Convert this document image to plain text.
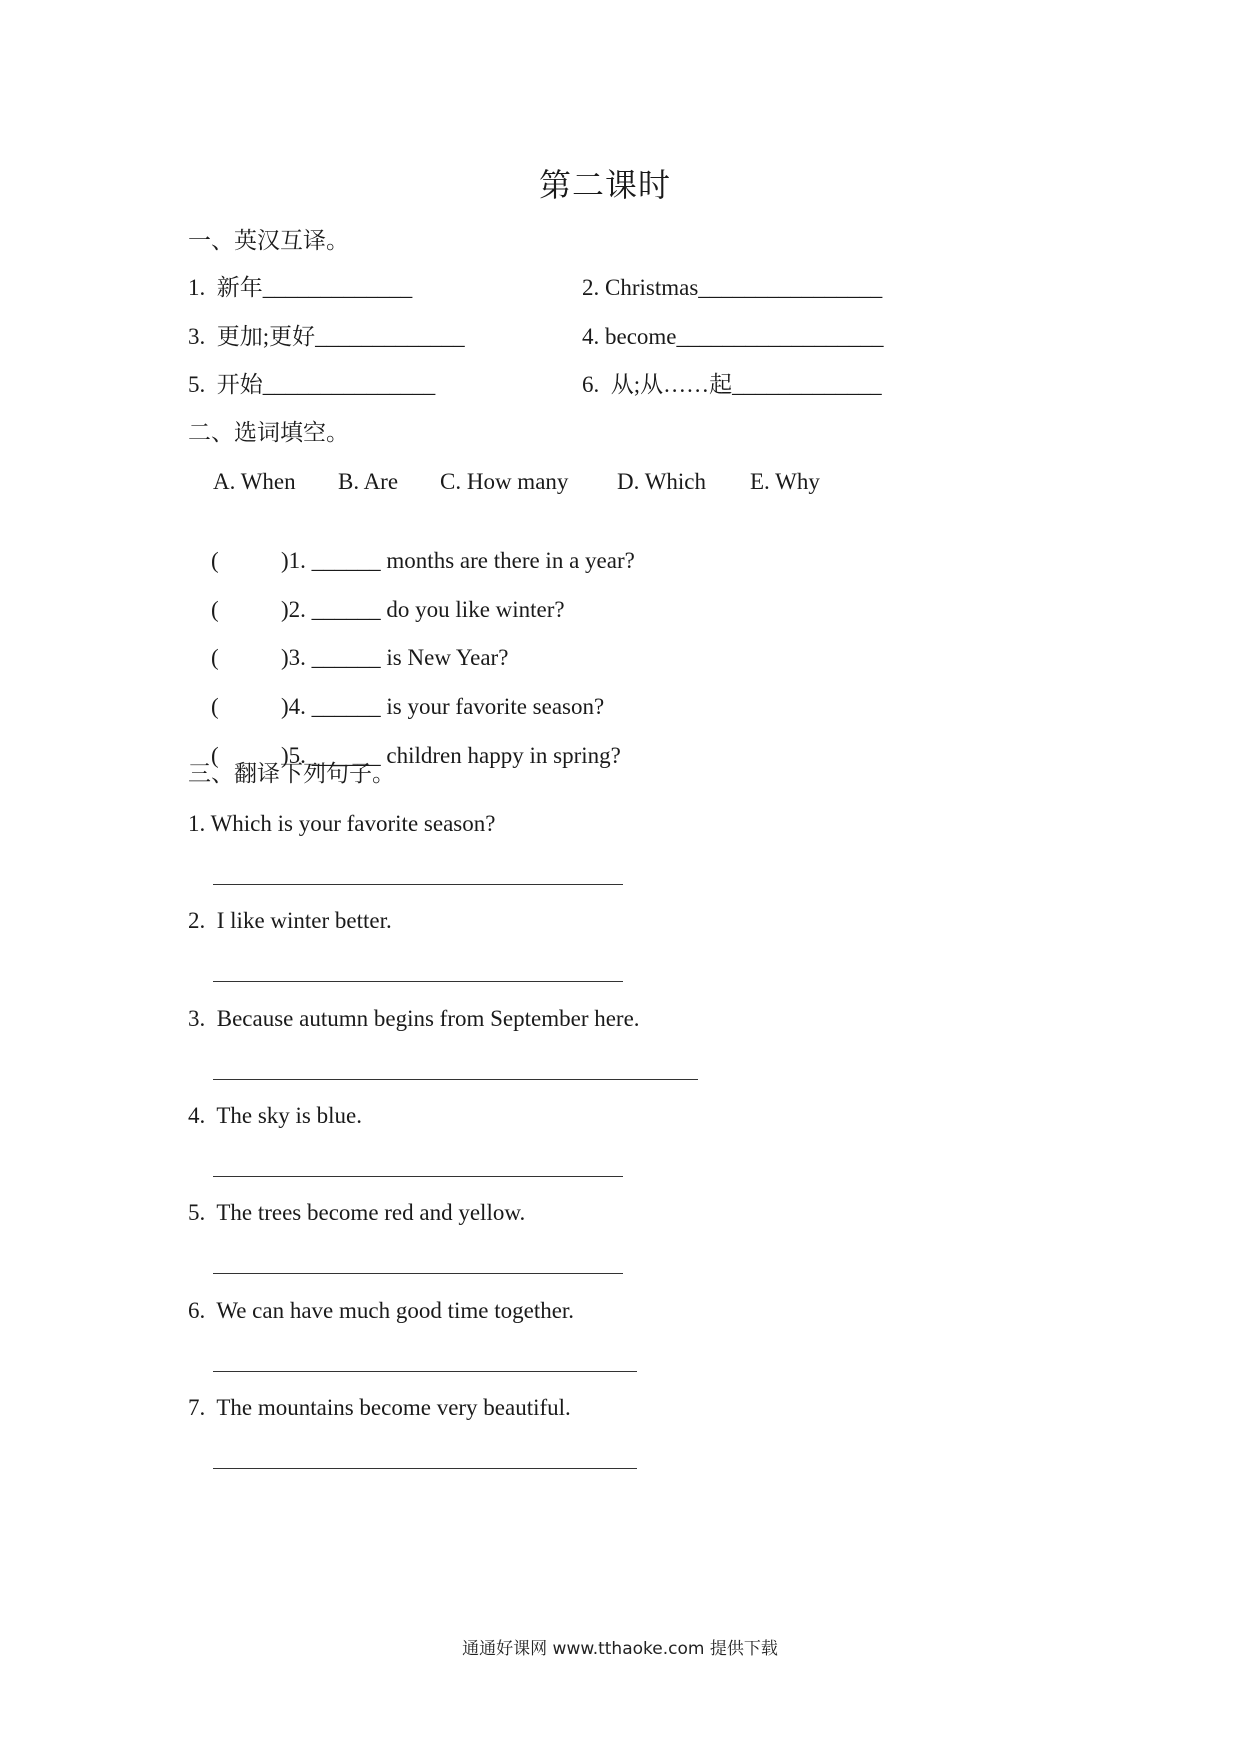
第二课时
一、英汉互译。
1.  新年_____________	2. Christmas________________
3.  更加;更好_____________	4. become__________________
5.  开始_______________	6.  从;从……起_____________
二、选词填空。
A. When	B. Are	C. How many	D. Which	E. Why

(	)1. ______ months are there in a year?

(	)2. ______ do you like winter?

(	)3. ______ is New Year?

(	)4. ______ is your favorite season?

(	)5. ______ children happy in spring?

三、翻译下列句子。
1. Which is your favorite season?
2.  I like winter better.
3.  Because autumn begins from September here.
4.  The sky is blue.
5.  The trees become red and yellow.
6.  We can have much good time together.
7.  The mountains become very beautiful.
通通好课网 www.tthaoke.com 提供下载
